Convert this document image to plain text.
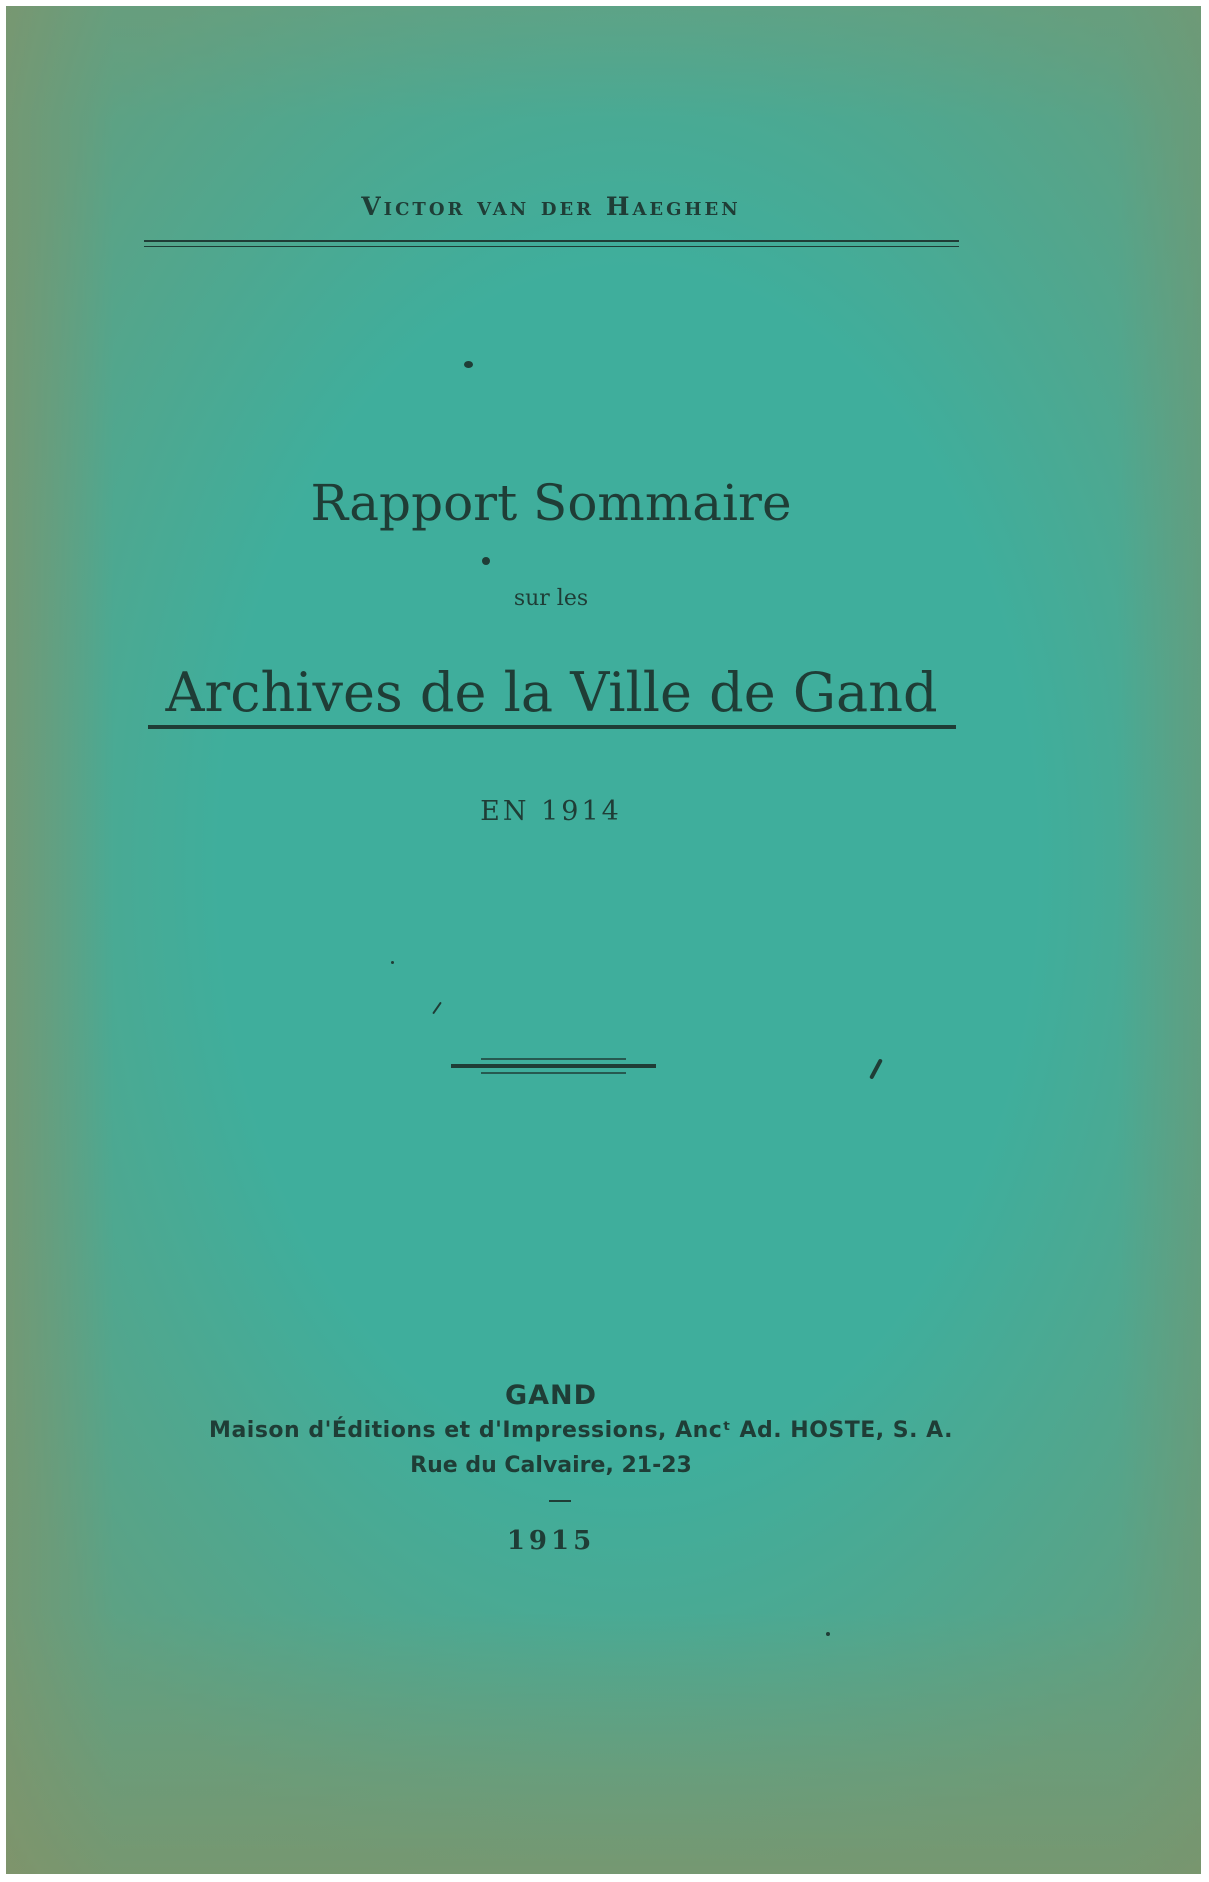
Victor van der Haeghen
Rapport Sommaire
sur les
Archives de la Ville de Gand
EN 1914
GAND
Maison d'Éditions et d'Impressions, Ancᵗ Ad. HOSTE, S. A.
Rue du Calvaire, 21-23
1915
